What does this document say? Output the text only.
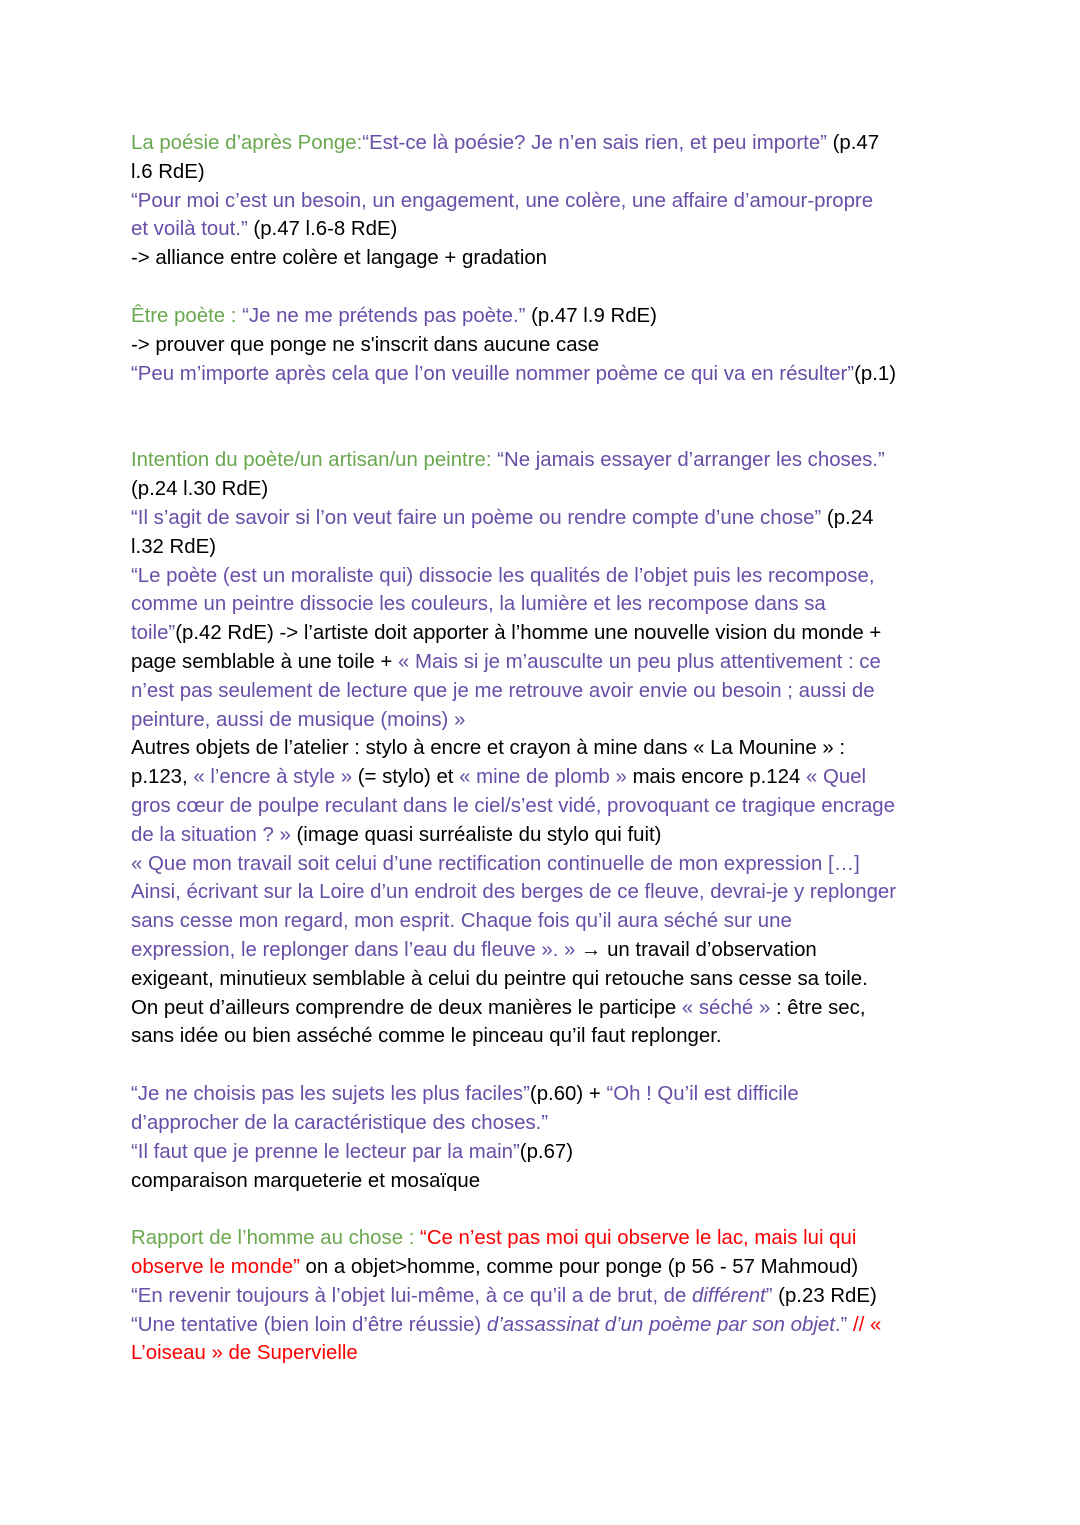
La poésie d’après Ponge:“Est-ce là poésie? Je n’en sais rien, et peu importe” (p.47
l.6 RdE)
“Pour moi c’est un besoin, un engagement, une colère, une affaire d’amour-propre
et voilà tout.” (p.47 l.6-8 RdE)
-> alliance entre colère et langage + gradation
Être poète : “Je ne me prétends pas poète.” (p.47 l.9 RdE)
-> prouver que ponge ne s'inscrit dans aucune case
“Peu m’importe après cela que l’on veuille nommer poème ce qui va en résulter”(p.1)
Intention du poète/un artisan/un peintre: “Ne jamais essayer d’arranger les choses.”
(p.24 l.30 RdE)
“Il s’agit de savoir si l’on veut faire un poème ou rendre compte d’une chose” (p.24
l.32 RdE)
“Le poète (est un moraliste qui) dissocie les qualités de l’objet puis les recompose,
comme un peintre dissocie les couleurs, la lumière et les recompose dans sa
toile”(p.42 RdE) -> l’artiste doit apporter à l’homme une nouvelle vision du monde +
page semblable à une toile + « Mais si je m’ausculte un peu plus attentivement : ce
n’est pas seulement de lecture que je me retrouve avoir envie ou besoin ; aussi de
peinture, aussi de musique (moins) »
Autres objets de l’atelier : stylo à encre et crayon à mine dans « La Mounine » :
p.123, « l’encre à style » (= stylo) et « mine de plomb » mais encore p.124 « Quel
gros cœur de poulpe reculant dans le ciel/s’est vidé, provoquant ce tragique encrage
de la situation ? » (image quasi surréaliste du stylo qui fuit)
« Que mon travail soit celui d’une rectification continuelle de mon expression […]
Ainsi, écrivant sur la Loire d’un endroit des berges de ce fleuve, devrai-je y replonger
sans cesse mon regard, mon esprit. Chaque fois qu’il aura séché sur une
expression, le replonger dans l’eau du fleuve ». » → un travail d’observation
exigeant, minutieux semblable à celui du peintre qui retouche sans cesse sa toile.
On peut d’ailleurs comprendre de deux manières le participe « séché » : être sec,
sans idée ou bien asséché comme le pinceau qu’il faut replonger.
“Je ne choisis pas les sujets les plus faciles”(p.60) + “Oh ! Qu’il est difficile
d’approcher de la caractéristique des choses.”
“Il faut que je prenne le lecteur par la main”(p.67)
comparaison marqueterie et mosaïque
Rapport de l’homme au chose : “Ce n’est pas moi qui observe le lac, mais lui qui
observe le monde” on a objet>homme, comme pour ponge (p 56 - 57 Mahmoud)
“En revenir toujours à l’objet lui-même, à ce qu’il a de brut, de différent” (p.23 RdE)
“Une tentative (bien loin d’être réussie) d’assassinat d’un poème par son objet.” // «
L’oiseau » de Supervielle
